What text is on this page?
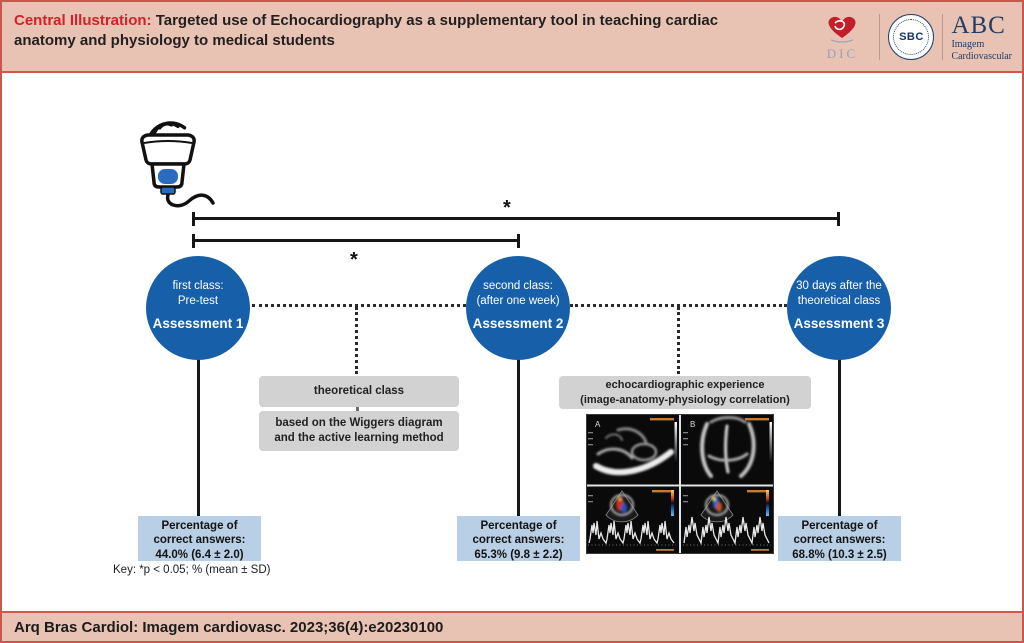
Central Illustration: Targeted use of Echocardiography as a supplementary tool in teaching cardiac
anatomy and physiology to medical students
DIC
SBC	ABC
Imagem
Cardiovascular
*
*
first class:
Pre-test
Assessment 1
second class:
(after one week)
Assessment 2
30 days after the
theoretical class
Assessment 3
theoretical class
based on the Wiggers diagram and the active learning method
echocardiographic experience
(image-anatomy-physiology correlation)
A	B
Percentage of
correct answers:
44.0% (6.4 ± 2.0)
Percentage of
correct answers:
65.3% (9.8 ± 2.2)
Percentage of
correct answers:
68.8% (10.3 ± 2.5)
Key: *p < 0.05; % (mean ± SD)
Arq Bras Cardiol: Imagem cardiovasc. 2023;36(4):e20230100
